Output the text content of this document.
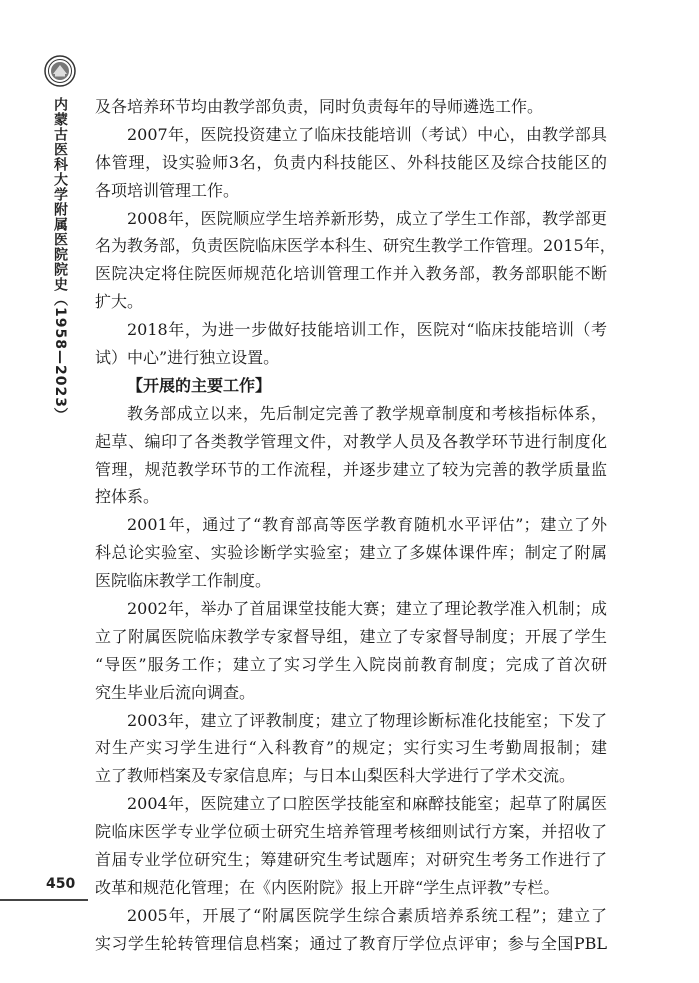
内蒙古医科大学附属医院院史（1958—2023） 及各培养环节均由教学部负责，同时负责每年的导师遴选工作。
2007年，医院投资建立了临床技能培训（考试）中心，由教学部具
体管理，设实验师3名，负责内科技能区、外科技能区及综合技能区的
各项培训管理工作。
2008年，医院顺应学生培养新形势，成立了学生工作部，教学部更
名为教务部，负责医院临床医学本科生、研究生教学工作管理。2015年，
医院决定将住院医师规范化培训管理工作并入教务部，教务部职能不断
扩大。
2018年，为进一步做好技能培训工作，医院对“临床技能培训（考
试）中心”进行独立设置。
【开展的主要工作】
教务部成立以来，先后制定完善了教学规章制度和考核指标体系，
起草、编印了各类教学管理文件，对教学人员及各教学环节进行制度化
管理，规范教学环节的工作流程，并逐步建立了较为完善的教学质量监
控体系。
2001年，通过了“教育部高等医学教育随机水平评估”；建立了外
科总论实验室、实验诊断学实验室；建立了多媒体课件库；制定了附属
医院临床教学工作制度。
2002年，举办了首届课堂技能大赛；建立了理论教学准入机制；成
立了附属医院临床教学专家督导组，建立了专家督导制度；开展了学生
“导医”服务工作；建立了实习学生入院岗前教育制度；完成了首次研
究生毕业后流向调查。
2003年，建立了评教制度；建立了物理诊断标准化技能室；下发了
对生产实习学生进行“入科教育”的规定；实行实习生考勤周报制；建
立了教师档案及专家信息库；与日本山梨医科大学进行了学术交流。
2004年，医院建立了口腔医学技能室和麻醉技能室；起草了附属医
院临床医学专业学位硕士研究生培养管理考核细则试行方案，并招收了
首届专业学位研究生；筹建研究生考试题库；对研究生考务工作进行了
改革和规范化管理；在《内医附院》报上开辟“学生点评教”专栏。
2005年，开展了“附属医院学生综合素质培养系统工程”；建立了
实习学生轮转管理信息档案；通过了教育厅学位点评审；参与全国PBL
450
